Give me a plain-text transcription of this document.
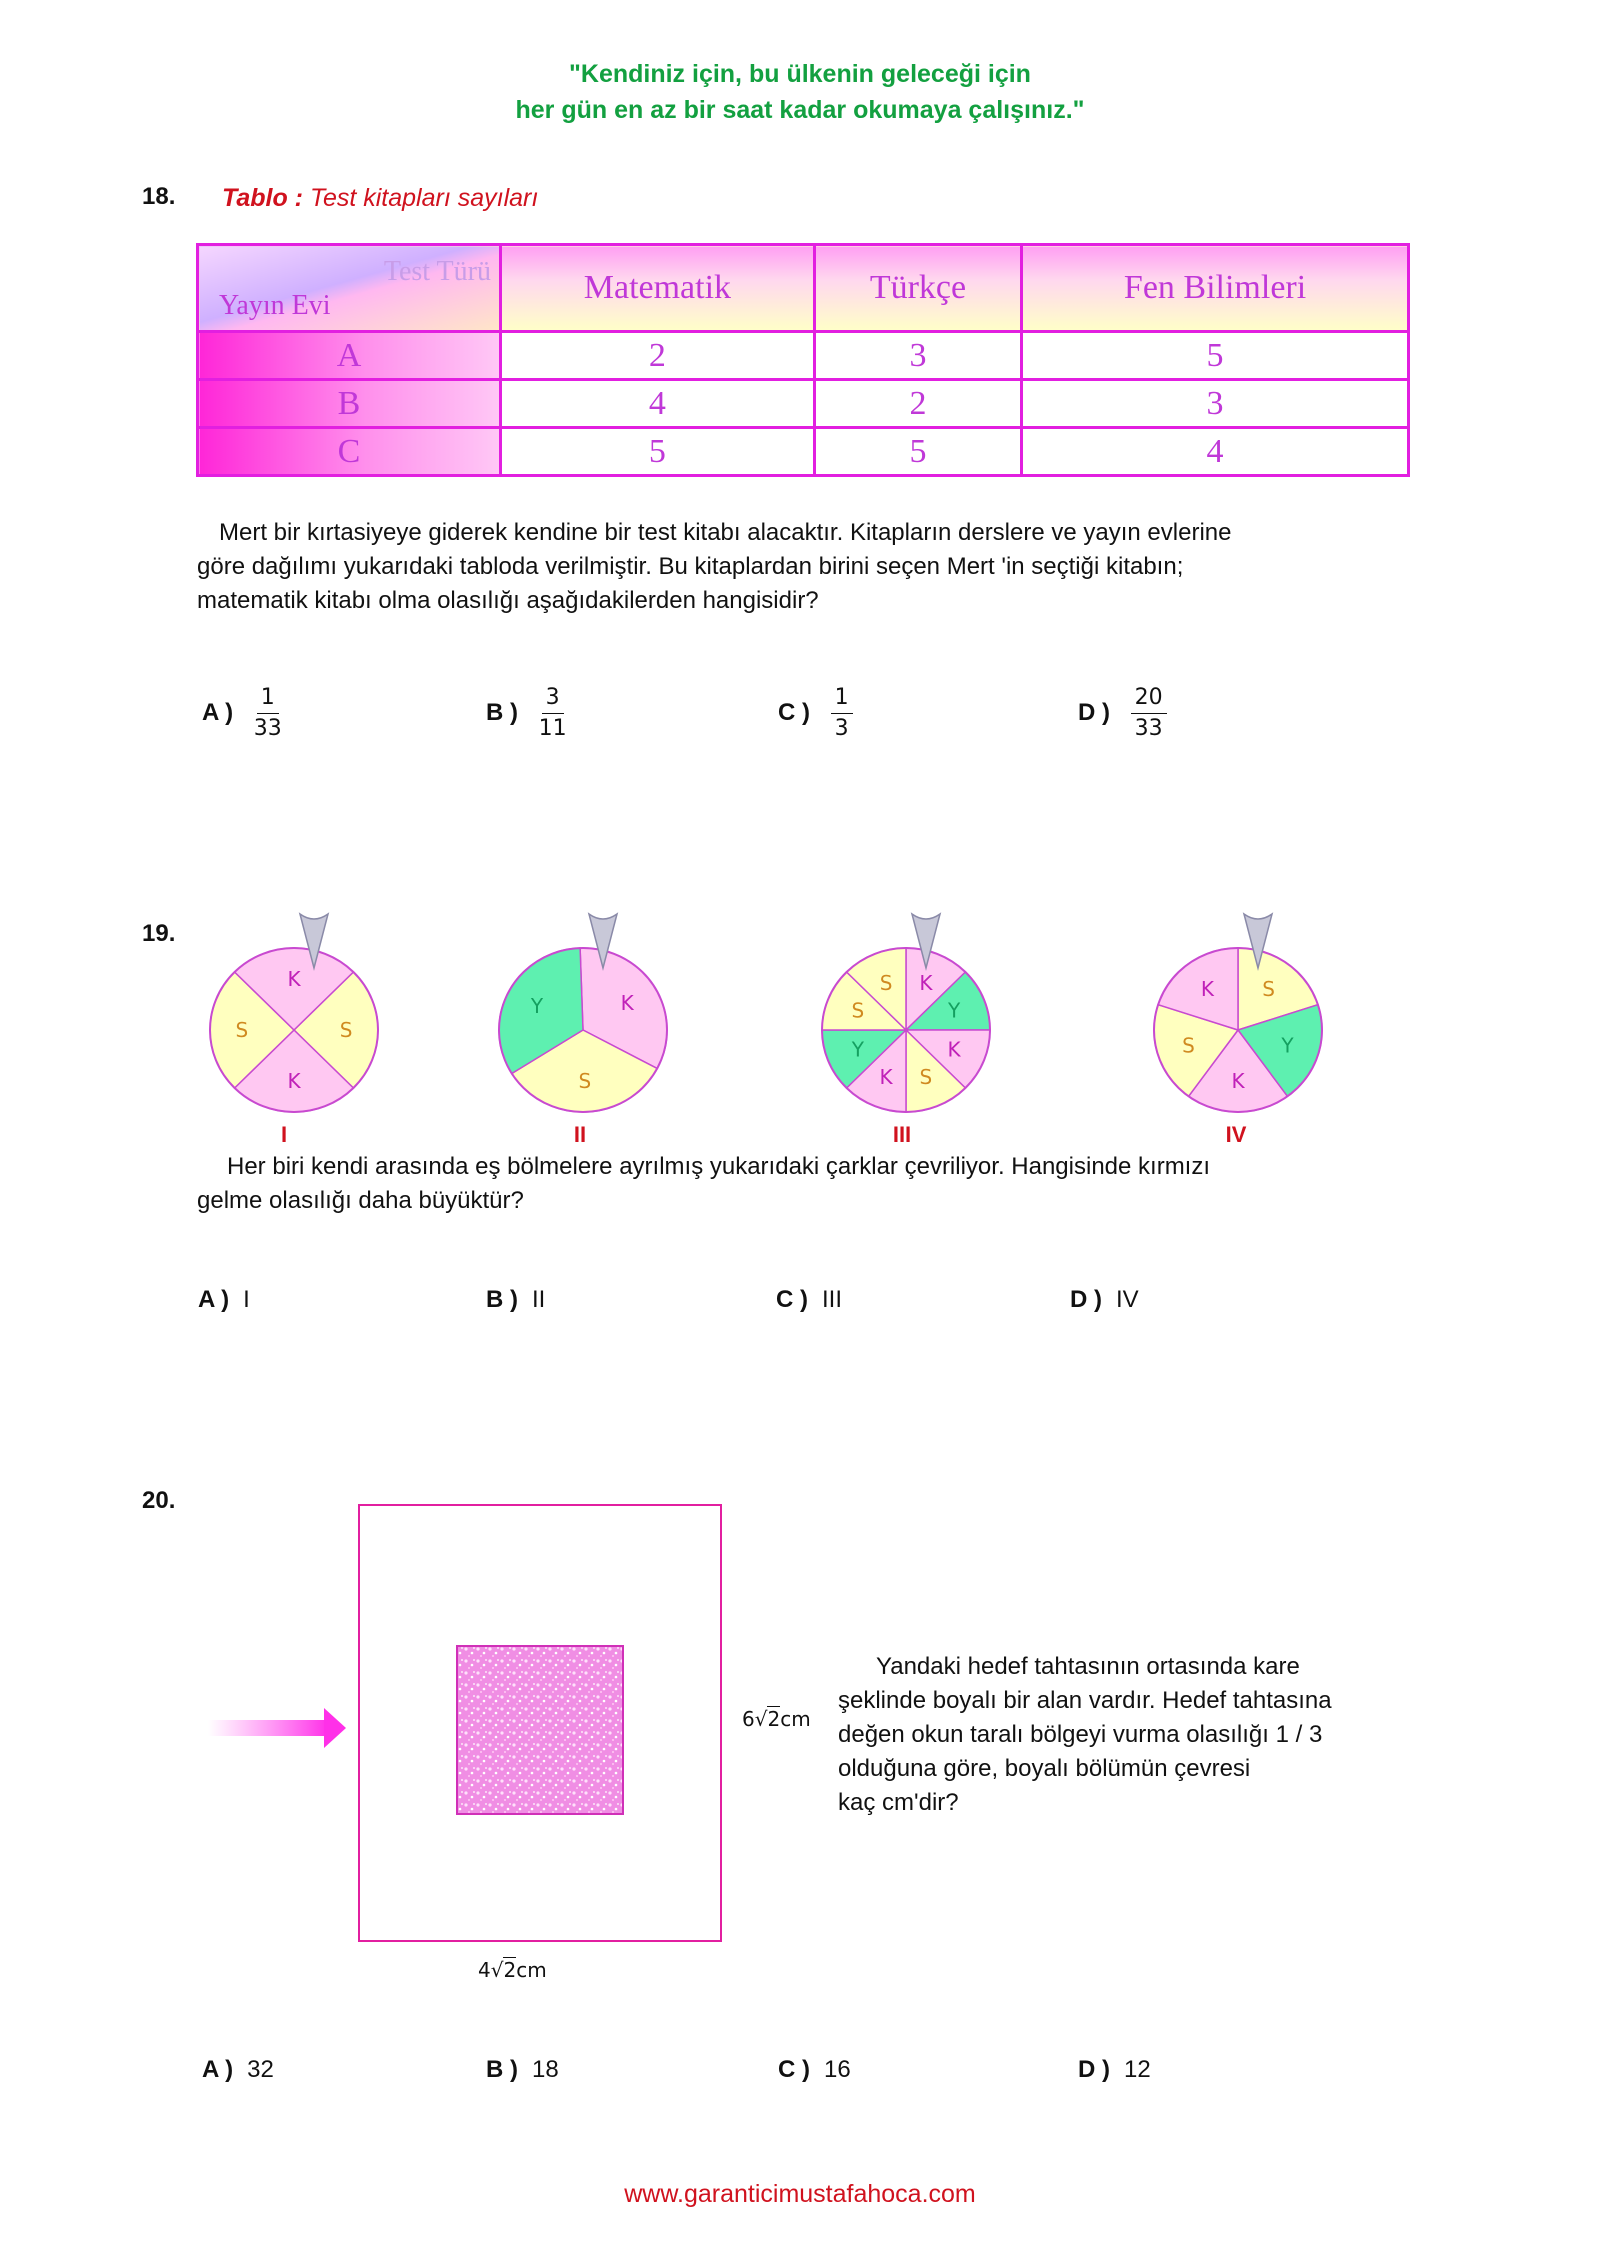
"Kendiniz için, bu ülkenin geleceği için
her gün en az bir saat kadar okumaya çalışınız."
18. Tablo : Test kitapları sayıları
Test Türü
Yayın Evi	Matematik	Türkçe	Fen Bilimleri
A	2	3	5
B	4	2	3
C	5	5	4
Mert bir kırtasiyeye giderek kendine bir test kitabı alacaktır. Kitapların derslere ve yayın evlerine
göre dağılımı yukarıdaki tabloda verilmiştir. Bu kitaplardan birini seçen Mert 'in seçtiği kitabın;
matematik kitabı olma olasılığı aşağıdakilerden hangisidir?
A ) $\frac{1}{33}$	B ) $\frac{3}{11}$	C ) $\frac{1}{3}$	D ) $\frac{20}{33}$
19.
S
K
S
K
K
S
Y
K
Y
K
S
K
Y
S
S	S
Y
K
S
K
I	II	III	IV
Her biri kendi arasında eş bölmelere ayrılmış yukarıdaki çarklar çevriliyor. Hangisinde kırmızı
gelme olasılığı daha büyüktür?
A ) I	B ) II	C ) III	D ) IV
20.
6√2cm
4√2cm
Yandaki hedef tahtasının ortasında kare
şeklinde boyalı bir alan vardır. Hedef tahtasına
değen okun taralı bölgeyi vurma olasılığı 1 / 3
olduğuna göre, boyalı bölümün çevresi
kaç cm'dir?
A ) 32	B ) 18	C ) 16	D ) 12
www.garanticimustafahoca.com
